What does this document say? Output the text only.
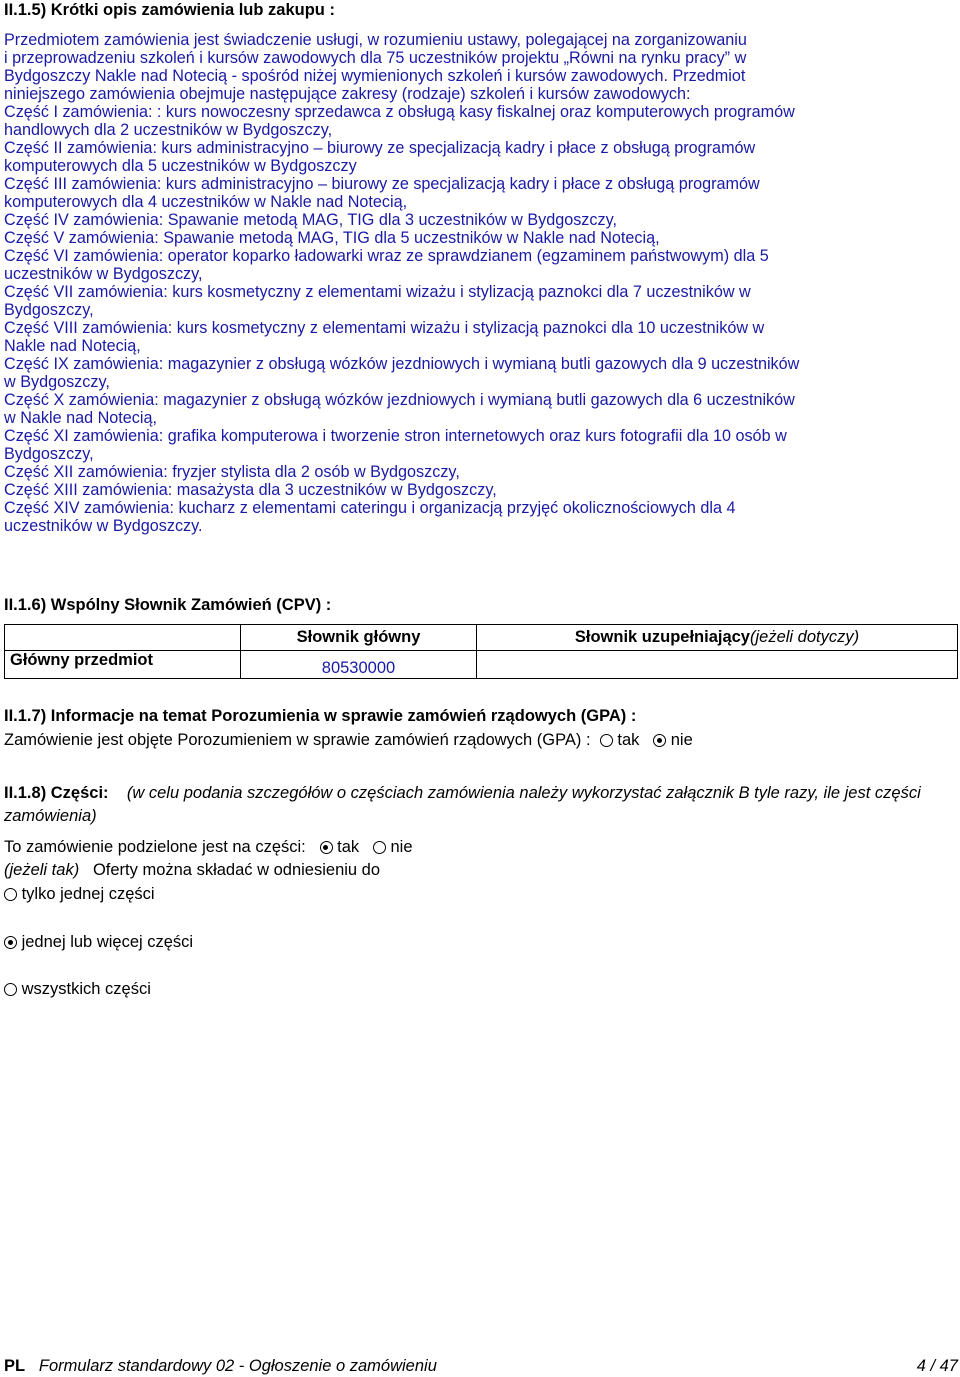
II.1.5) Krótki opis zamówienia lub zakupu :
Przedmiotem zamówienia jest świadczenie usługi, w rozumieniu ustawy, polegającej na zorganizowaniu
i przeprowadzeniu szkoleń i kursów zawodowych dla 75 uczestników projektu „Równi na rynku pracy” w
Bydgoszczy Nakle nad Notecią - spośród niżej wymienionych szkoleń i kursów zawodowych. Przedmiot
niniejszego zamówienia obejmuje następujące zakresy (rodzaje) szkoleń i kursów zawodowych:
Część I zamówienia: : kurs nowoczesny sprzedawca z obsługą kasy fiskalnej oraz komputerowych programów
handlowych dla 2 uczestników w Bydgoszczy,
Część II zamówienia: kurs administracyjno – biurowy ze specjalizacją kadry i płace z obsługą programów
komputerowych dla 5 uczestników w Bydgoszczy
Część III zamówienia: kurs administracyjno – biurowy ze specjalizacją kadry i płace z obsługą programów
komputerowych dla 4 uczestników w Nakle nad Notecią,
Część IV zamówienia: Spawanie metodą MAG, TIG dla 3 uczestników w Bydgoszczy,
Część V zamówienia: Spawanie metodą MAG, TIG dla 5 uczestników w Nakle nad Notecią,
Część VI zamówienia: operator koparko ładowarki wraz ze sprawdzianem (egzaminem państwowym) dla 5
uczestników w Bydgoszczy,
Część VII zamówienia: kurs kosmetyczny z elementami wizażu i stylizacją paznokci dla 7 uczestników w
Bydgoszczy,
Część VIII zamówienia: kurs kosmetyczny z elementami wizażu i stylizacją paznokci dla 10 uczestników w
Nakle nad Notecią,
Część IX zamówienia: magazynier z obsługą wózków jezdniowych i wymianą butli gazowych dla 9 uczestników
w Bydgoszczy,
Część X zamówienia: magazynier z obsługą wózków jezdniowych i wymianą butli gazowych dla 6 uczestników
w Nakle nad Notecią,
Część XI zamówienia: grafika komputerowa i tworzenie stron internetowych oraz kurs fotografii dla 10 osób w
Bydgoszczy,
Część XII zamówienia: fryzjer stylista dla 2 osób w Bydgoszczy,
Część XIII zamówienia: masażysta dla 3 uczestników w Bydgoszczy,
Część XIV zamówienia: kucharz z elementami cateringu i organizacją przyjęć okolicznościowych dla 4
uczestników w Bydgoszczy.
II.1.6) Wspólny Słownik Zamówień (CPV) :
	Słownik główny	Słownik uzupełniający(jeżeli dotyczy)
Główny przedmiot	80530000	
II.1.7) Informacje na temat Porozumienia w sprawie zamówień rządowych (GPA) :
Zamówienie jest objęte Porozumieniem w sprawie zamówień rządowych (GPA) : tak nie
II.1.8) Części: (w celu podania szczegółów o częściach zamówienia należy wykorzystać załącznik B tyle razy, ile jest części zamówienia)
To zamówienie podzielone jest na części: tak nie
(jeżeli tak) Oferty można składać w odniesieniu do
tylko jednej części
jednej lub więcej części
wszystkich części
PL Formularz standardowy 02 - Ogłoszenie o zamówieniu	4 / 47
